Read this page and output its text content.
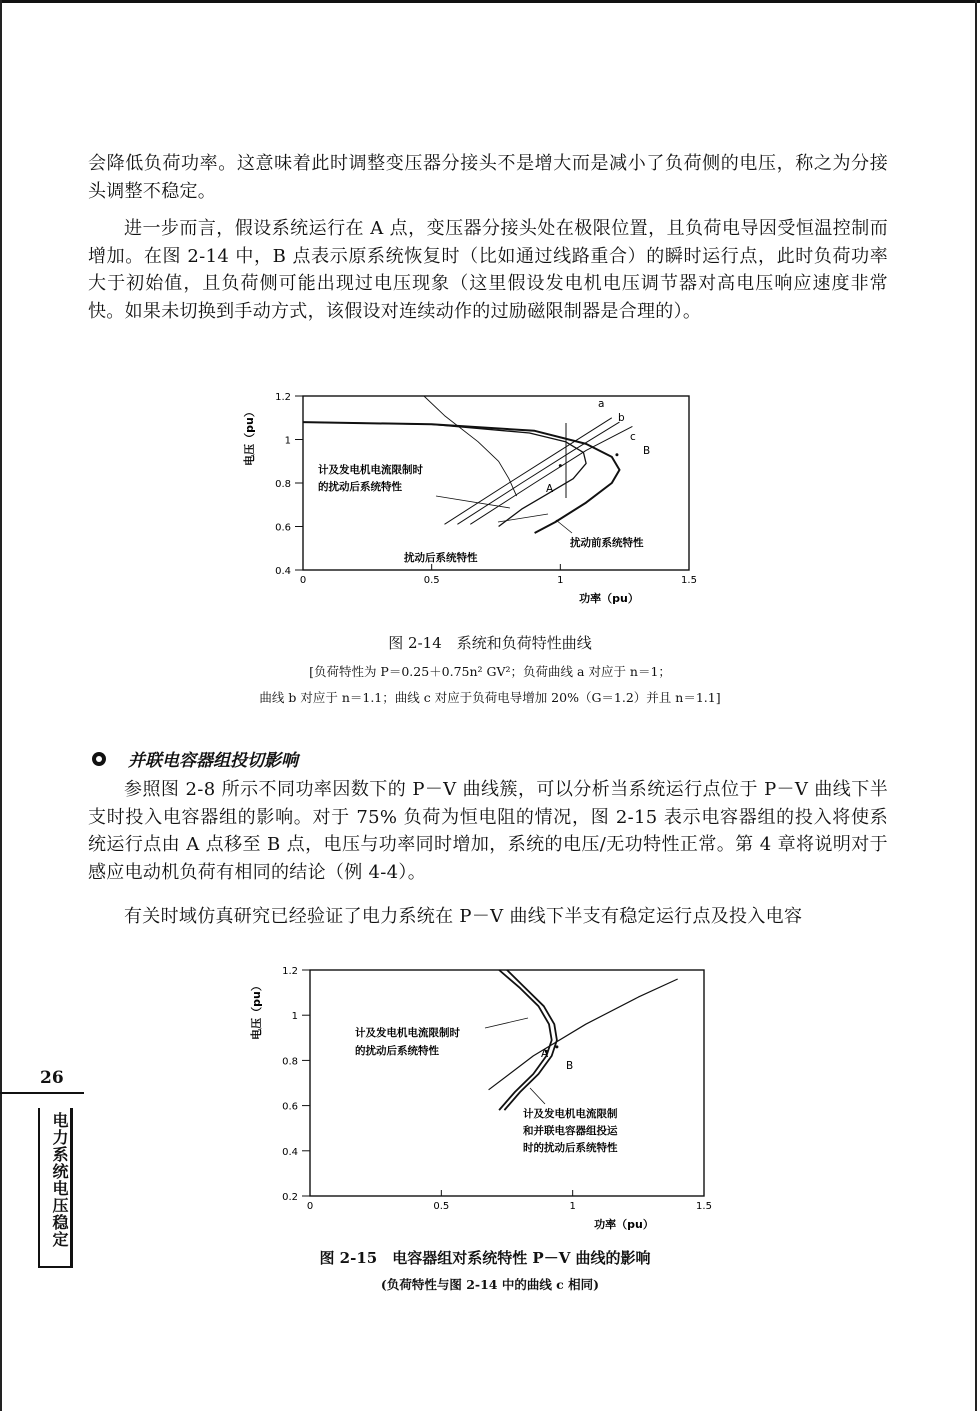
会降低负荷功率。这意味着此时调整变压器分接头不是增大而是减小了负荷侧的电压，称之为分接头调整不稳定。

进一步而言，假设系统运行在 A 点，变压器分接头处在极限位置，且负荷电导因受恒温控制而增加。在图 2-14 中，B 点表示原系统恢复时（比如通过线路重合）的瞬时运行点，此时负荷功率大于初始值，且负荷侧可能出现过电压现象（这里假设发电机电压调节器对高电压响应速度非常快。如果未切换到手动方式，该假设对连续动作的过励磁限制器是合理的）。

0	0.5	1	1.5
0.4
0.6
0.8
1
1.2
功率（pu）
电压（pu）
计及发电机电流限制时
的扰动后系统特性
扰动后系统特性
扰动前系统特性
a
b
c
A
B

图 2-14　系统和负荷特性曲线

[负荷特性为 P＝0.25＋0.75n² GV²；负荷曲线 a 对应于 n＝1；

曲线 b 对应于 n＝1.1；曲线 c 对应于负荷电导增加 20%（G＝1.2）并且 n＝1.1]

并联电容器组投切影响

参照图 2-8 所示不同功率因数下的 P－V 曲线簇，可以分析当系统运行点位于 P－V 曲线下半支时投入电容器组的影响。对于 75% 负荷为恒电阻的情况，图 2-15 表示电容器组的投入将使系统运行点由 A 点移至 B 点，电压与功率同时增加，系统的电压/无功特性正常。第 4 章将说明对于感应电动机负荷有相同的结论（例 4-4）。

有关时域仿真研究已经验证了电力系统在 P－V 曲线下半支有稳定运行点及投入电容

0	0.5	1	1.5
0.2
0.4
0.6
0.8
1
1.2
功率（pu）
电压（pu）	计及发电机电流限制时
的扰动后系统特性
计及发电机电流限制
和并联电容器组投运
时的扰动后系统特性
A
B

图 2-15　电容器组对系统特性 P－V 曲线的影响

(负荷特性与图 2-14 中的曲线 c 相同)

26
电力系统电压稳定
